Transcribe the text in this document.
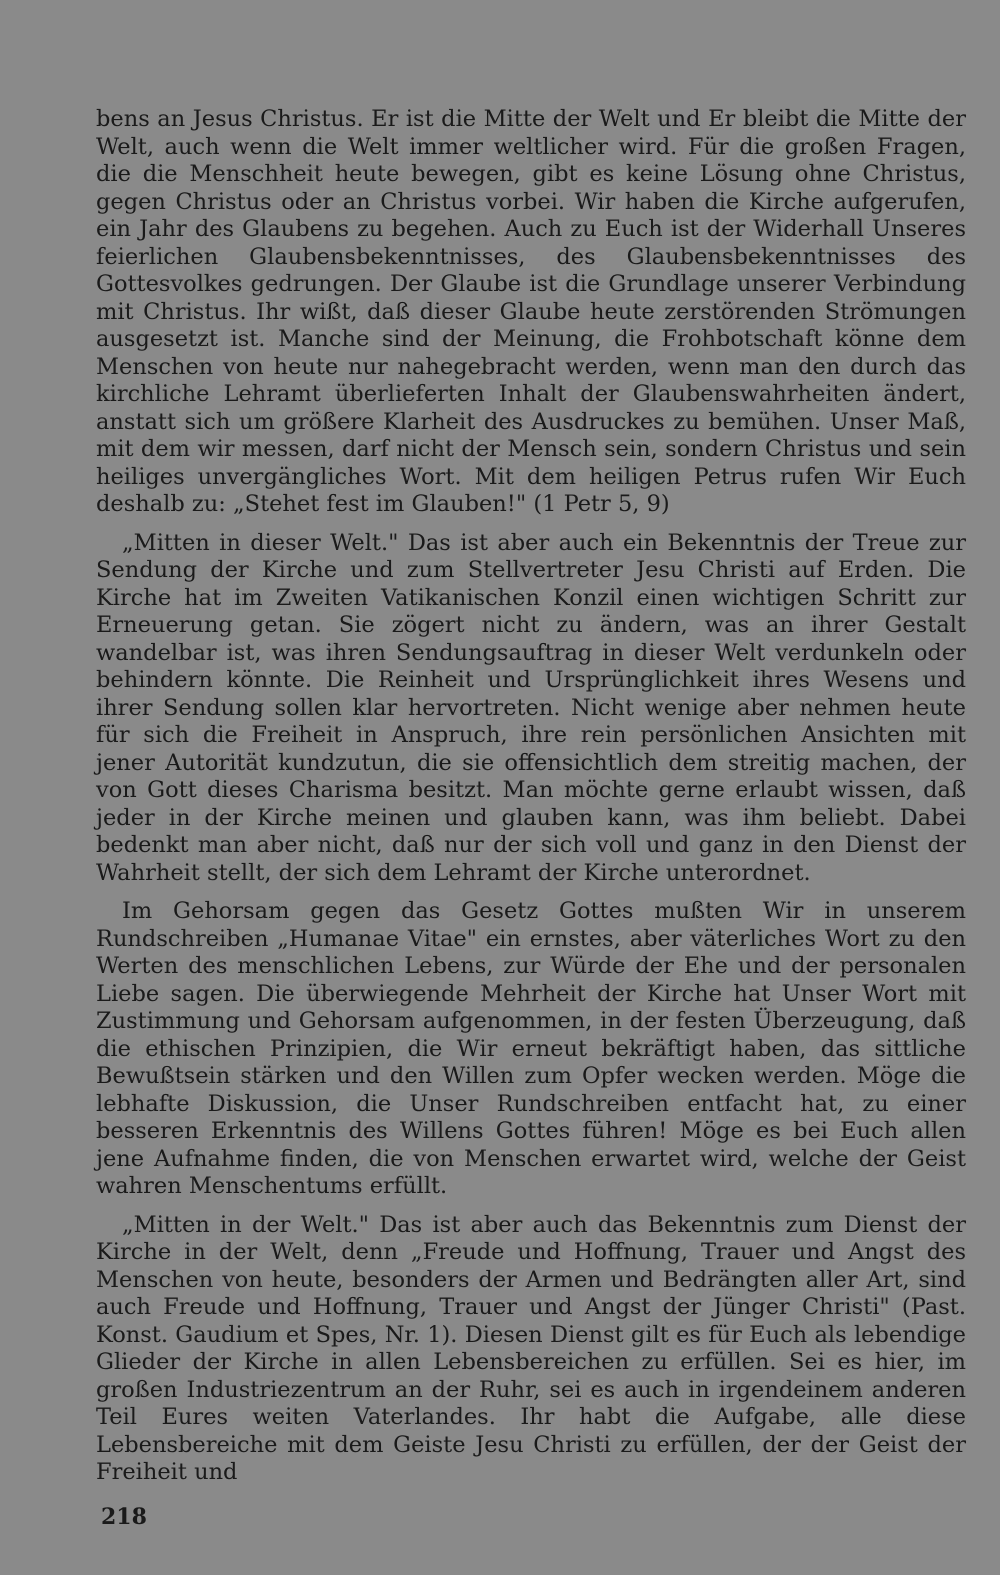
bens an Jesus Christus. Er ist die Mitte der Welt und Er bleibt die Mitte der Welt, auch wenn die Welt immer weltlicher wird. Für die großen Fragen, die die Menschheit heute bewegen, gibt es keine Lösung ohne Christus, gegen Christus oder an Christus vorbei. Wir haben die Kirche aufgerufen, ein Jahr des Glaubens zu begehen. Auch zu Euch ist der Widerhall Unseres feierlichen Glaubensbekenntnisses, des Glaubensbekenntnisses des Gottesvolkes gedrungen. Der Glaube ist die Grundlage unserer Verbindung mit Christus. Ihr wißt, daß dieser Glaube heute zerstörenden Strömungen ausgesetzt ist. Manche sind der Meinung, die Frohbotschaft könne dem Menschen von heute nur nahegebracht werden, wenn man den durch das kirchliche Lehramt überlieferten Inhalt der Glaubenswahrheiten ändert, anstatt sich um größere Klarheit des Ausdruckes zu bemühen. Unser Maß, mit dem wir messen, darf nicht der Mensch sein, sondern Christus und sein heiliges unvergängliches Wort. Mit dem heiligen Petrus rufen Wir Euch deshalb zu: „Stehet fest im Glauben!" (1 Petr 5, 9)

„Mitten in dieser Welt." Das ist aber auch ein Bekenntnis der Treue zur Sendung der Kirche und zum Stellvertreter Jesu Christi auf Erden. Die Kirche hat im Zweiten Vatikanischen Konzil einen wichtigen Schritt zur Erneuerung getan. Sie zögert nicht zu ändern, was an ihrer Gestalt wandelbar ist, was ihren Sendungsauftrag in dieser Welt verdunkeln oder behindern könnte. Die Reinheit und Ursprünglichkeit ihres Wesens und ihrer Sendung sollen klar hervortreten. Nicht wenige aber nehmen heute für sich die Freiheit in Anspruch, ihre rein persönlichen Ansichten mit jener Autorität kundzutun, die sie offensichtlich dem streitig machen, der von Gott dieses Charisma besitzt. Man möchte gerne erlaubt wissen, daß jeder in der Kirche meinen und glauben kann, was ihm beliebt. Dabei bedenkt man aber nicht, daß nur der sich voll und ganz in den Dienst der Wahrheit stellt, der sich dem Lehramt der Kirche unterordnet.

Im Gehorsam gegen das Gesetz Gottes mußten Wir in unserem Rundschreiben „Humanae Vitae" ein ernstes, aber väterliches Wort zu den Werten des menschlichen Lebens, zur Würde der Ehe und der personalen Liebe sagen. Die überwiegende Mehrheit der Kirche hat Unser Wort mit Zustimmung und Gehorsam aufgenommen, in der festen Überzeugung, daß die ethischen Prinzipien, die Wir erneut bekräftigt haben, das sittliche Bewußtsein stärken und den Willen zum Opfer wecken werden. Möge die lebhafte Diskussion, die Unser Rundschreiben entfacht hat, zu einer besseren Erkenntnis des Willens Gottes führen! Möge es bei Euch allen jene Aufnahme finden, die von Menschen erwartet wird, welche der Geist wahren Menschentums erfüllt.

„Mitten in der Welt." Das ist aber auch das Bekenntnis zum Dienst der Kirche in der Welt, denn „Freude und Hoffnung, Trauer und Angst des Menschen von heute, besonders der Armen und Bedrängten aller Art, sind auch Freude und Hoffnung, Trauer und Angst der Jünger Christi" (Past. Konst. Gaudium et Spes, Nr. 1). Diesen Dienst gilt es für Euch als lebendige Glieder der Kirche in allen Lebensbereichen zu erfüllen. Sei es hier, im großen Industriezentrum an der Ruhr, sei es auch in irgendeinem anderen Teil Eures weiten Vaterlandes. Ihr habt die Aufgabe, alle diese Lebensbereiche mit dem Geiste Jesu Christi zu erfüllen, der der Geist der Freiheit und

218
